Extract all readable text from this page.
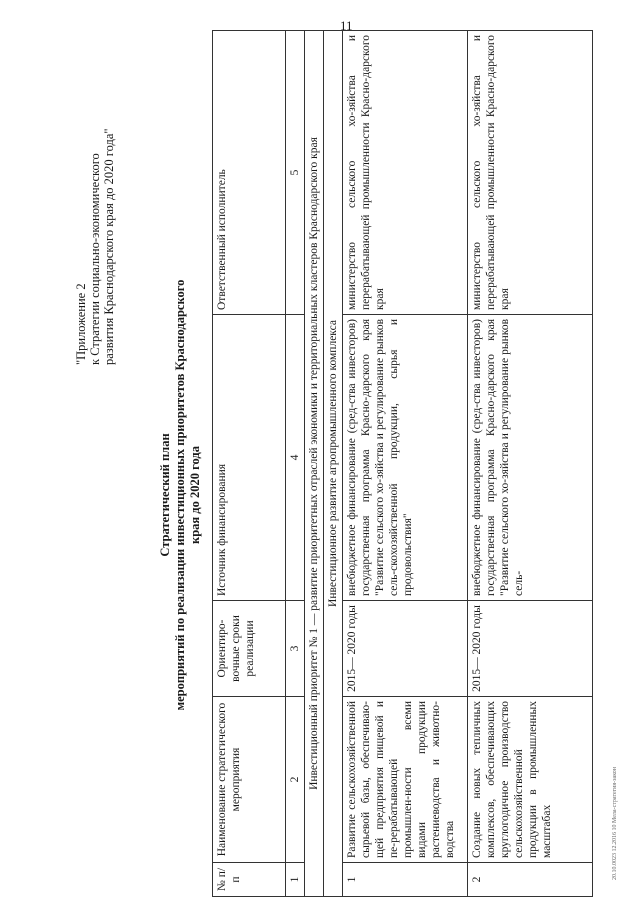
11
20.10.0023 12.2016 10 Мела-стратегия-закон
"Приложение 2 к Стратегии социально-экономического развития Краснодарского края до 2020 года"
Стратегический план мероприятий по реализации инвестиционных приоритетов Краснодарского края до 2020 года
№ п/п	Наименование стратегического мероприятия	Ориентиро-вочные сроки реализации	Источник финансирования	Ответственный исполнитель
1	2	3	4	5
Инвестиционный приоритет № 1 — развитие приоритетных отраслей экономики и территориальных кластеров Краснодарского края				
Инвестиционное развитие агропромышленного комплекса				
1	Развитие сельскохозяйственной сырьевой базы, обеспечиваю-щей предприятия пищевой и пе-рерабатывающей промышлен-ности всеми видами продукции растениеводства и животно-водства	2015— 2020 годы	внебюджетное финансирование (сред-ства инвесторов) государственная программа Красно-дарского края "Развитие сельского хо-зяйства и регулирование рынков сель-скохозяйственной продукции, сырья и продовольствия"	министерство сельского хо-зяйства и перерабатывающей промышленности Красно-дарского края
2	Создание новых тепличных комплексов, обеспечивающих круглогодичное производство сельскохозяйственной продукции в промышленных масштабах	2015— 2020 годы	внебюджетное финансирование (сред-ства инвесторов) государственная программа Красно-дарского края "Развитие сельского хо-зяйства и регулирование рынков сель-	министерство сельского хо-зяйства и перерабатывающей промышленности Красно-дарского края
